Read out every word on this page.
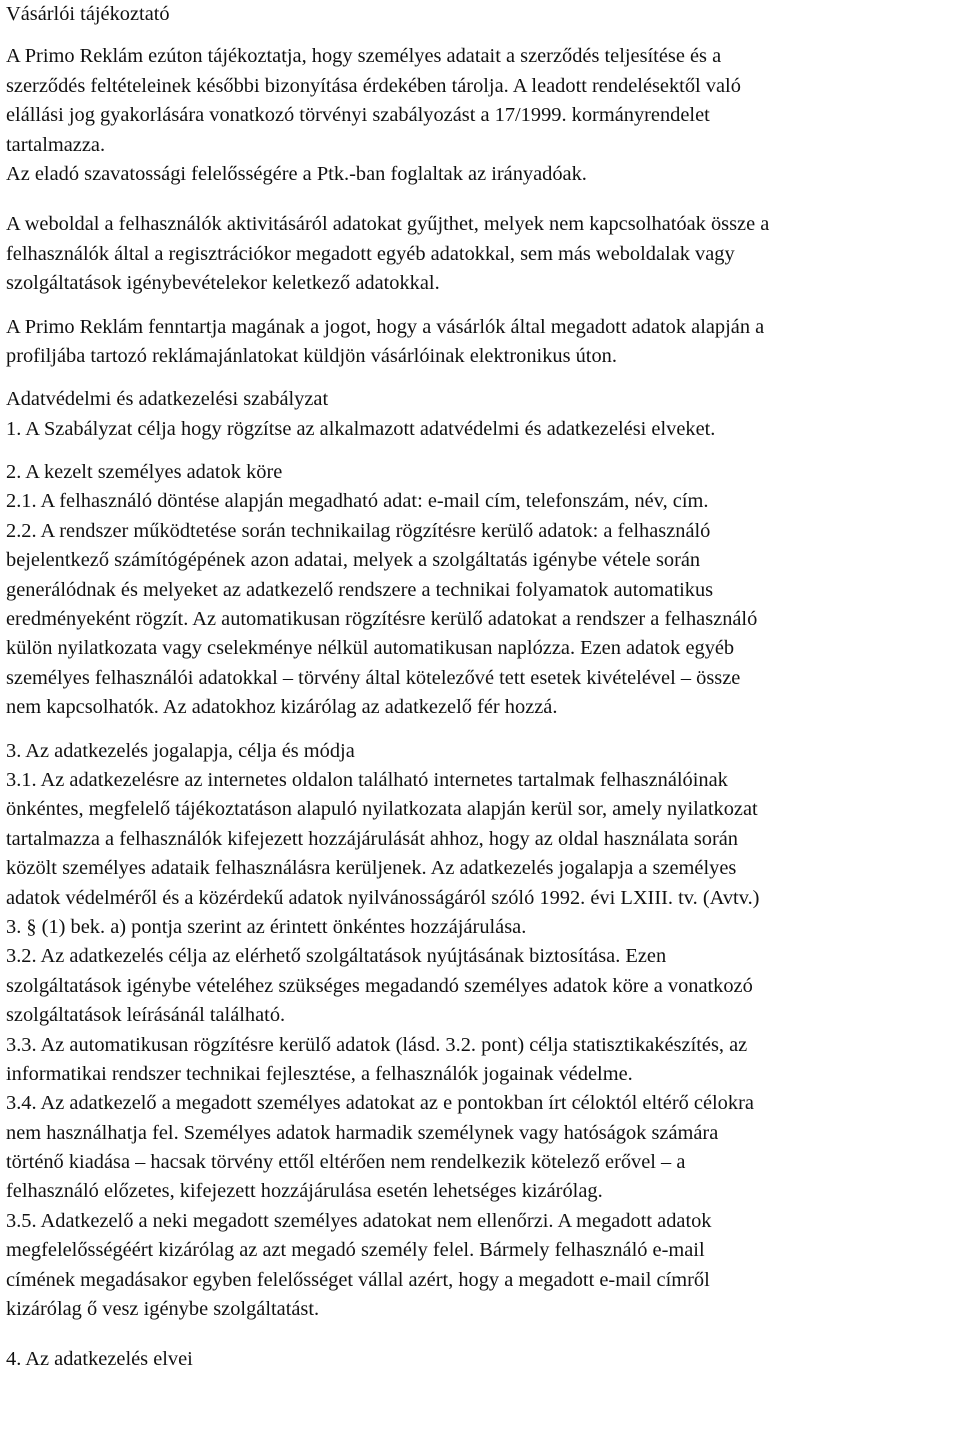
Vásárlói tájékoztató
A Primo Reklám ezúton tájékoztatja, hogy személyes adatait a szerződés teljesítése és a
szerződés feltételeinek későbbi bizonyítása érdekében tárolja. A leadott rendelésektől való
elállási jog gyakorlására vonatkozó törvényi szabályozást a 17/1999. kormányrendelet
tartalmazza.
Az eladó szavatossági felelősségére a Ptk.-ban foglaltak az irányadóak.
A weboldal a felhasználók aktivitásáról adatokat gyűjthet, melyek nem kapcsolhatóak össze a
felhasználók által a regisztrációkor megadott egyéb adatokkal, sem más weboldalak vagy
szolgáltatások igénybevételekor keletkező adatokkal.
A Primo Reklám fenntartja magának a jogot, hogy a vásárlók által megadott adatok alapján a
profiljába tartozó reklámajánlatokat küldjön vásárlóinak elektronikus úton.
Adatvédelmi és adatkezelési szabályzat
1. A Szabályzat célja hogy rögzítse az alkalmazott adatvédelmi és adatkezelési elveket.
2. A kezelt személyes adatok köre
2.1. A felhasználó döntése alapján megadható adat: e-mail cím, telefonszám, név, cím.
2.2. A rendszer működtetése során technikailag rögzítésre kerülő adatok: a felhasználó
bejelentkező számítógépének azon adatai, melyek a szolgáltatás igénybe vétele során
generálódnak és melyeket az adatkezelő rendszere a technikai folyamatok automatikus
eredményeként rögzít. Az automatikusan rögzítésre kerülő adatokat a rendszer a felhasználó
külön nyilatkozata vagy cselekménye nélkül automatikusan naplózza. Ezen adatok egyéb
személyes felhasználói adatokkal – törvény által kötelezővé tett esetek kivételével – össze
nem kapcsolhatók. Az adatokhoz kizárólag az adatkezelő fér hozzá.
3. Az adatkezelés jogalapja, célja és módja
3.1. Az adatkezelésre az internetes oldalon található internetes tartalmak felhasználóinak
önkéntes, megfelelő tájékoztatáson alapuló nyilatkozata alapján kerül sor, amely nyilatkozat
tartalmazza a felhasználók kifejezett hozzájárulását ahhoz, hogy az oldal használata során
közölt személyes adataik felhasználásra kerüljenek. Az adatkezelés jogalapja a személyes
adatok védelméről és a közérdekű adatok nyilvánosságáról szóló 1992. évi LXIII. tv. (Avtv.)
3. § (1) bek. a) pontja szerint az érintett önkéntes hozzájárulása.
3.2. Az adatkezelés célja az elérhető szolgáltatások nyújtásának biztosítása. Ezen
szolgáltatások igénybe vételéhez szükséges megadandó személyes adatok köre a vonatkozó
szolgáltatások leírásánál található.
3.3. Az automatikusan rögzítésre kerülő adatok (lásd. 3.2. pont) célja statisztikakészítés, az
informatikai rendszer technikai fejlesztése, a felhasználók jogainak védelme.
3.4. Az adatkezelő a megadott személyes adatokat az e pontokban írt céloktól eltérő célokra
nem használhatja fel. Személyes adatok harmadik személynek vagy hatóságok számára
történő kiadása – hacsak törvény ettől eltérően nem rendelkezik kötelező erővel – a
felhasználó előzetes, kifejezett hozzájárulása esetén lehetséges kizárólag.
3.5. Adatkezelő a neki megadott személyes adatokat nem ellenőrzi. A megadott adatok
megfelelősségéért kizárólag az azt megadó személy felel. Bármely felhasználó e-mail
címének megadásakor egyben felelősséget vállal azért, hogy a megadott e-mail címről
kizárólag ő vesz igénybe szolgáltatást.
4. Az adatkezelés elvei
